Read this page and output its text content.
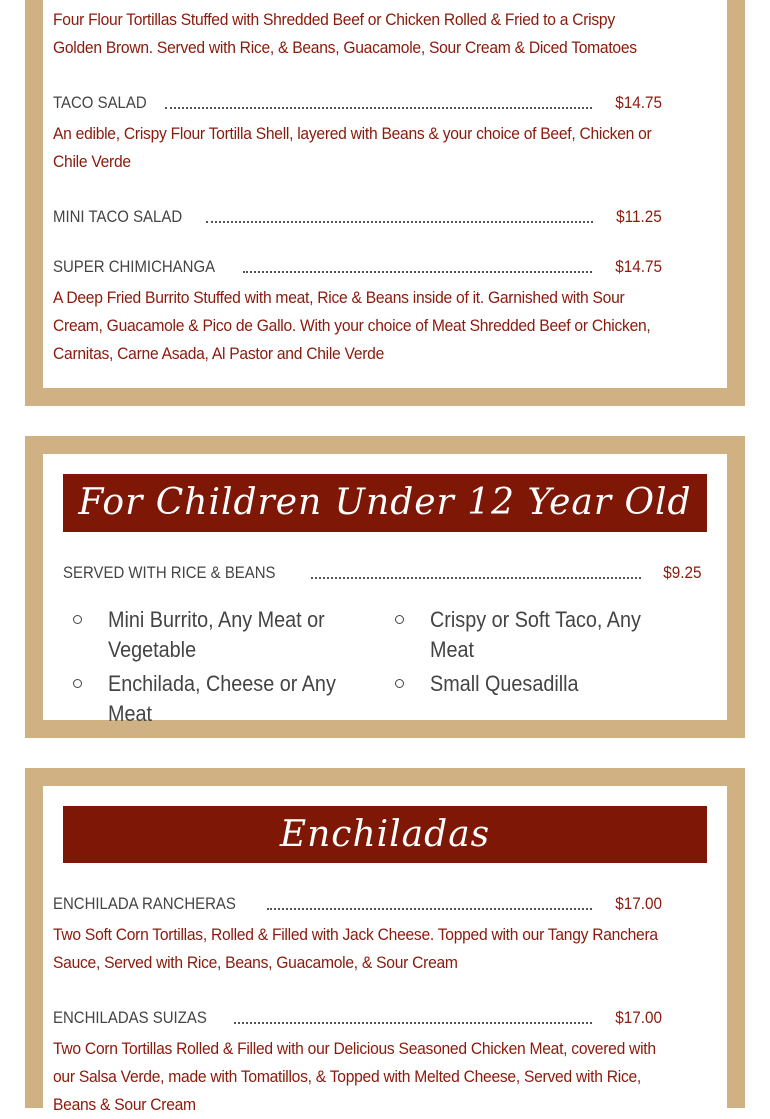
Four Flour Tortillas Stuffed with Shredded Beef or Chicken Rolled & Fried to a Crispy Golden Brown. Served with Rice, & Beans, Guacamole, Sour Cream & Diced Tomatoes
TACO SALAD	$14.75
An edible, Crispy Flour Tortilla Shell, layered with Beans & your choice of Beef, Chicken or Chile Verde
MINI TACO SALAD	$11.25
SUPER CHIMICHANGA	$14.75
A Deep Fried Burrito Stuffed with meat, Rice & Beans inside of it. Garnished with Sour Cream, Guacamole & Pico de Gallo. With your choice of Meat Shredded Beef or Chicken, Carnitas, Carne Asada, Al Pastor and Chile Verde
For Children Under 12 Year Old Only
SERVED WITH RICE & BEANS	$9.25
Mini Burrito, Any Meat or Vegetable
Enchilada, Cheese or Any Meat
Crispy or Soft Taco, Any Meat
Small Quesadilla
Enchiladas
ENCHILADA RANCHERAS	$17.00
Two Soft Corn Tortillas, Rolled & Filled with Jack Cheese. Topped with our Tangy Ranchera Sauce, Served with Rice, Beans, Guacamole, & Sour Cream
ENCHILADAS SUIZAS	$17.00
Two Corn Tortillas Rolled & Filled with our Delicious Seasoned Chicken Meat, covered with our Salsa Verde, made with Tomatillos, & Topped with Melted Cheese, Served with Rice, Beans & Sour Cream
